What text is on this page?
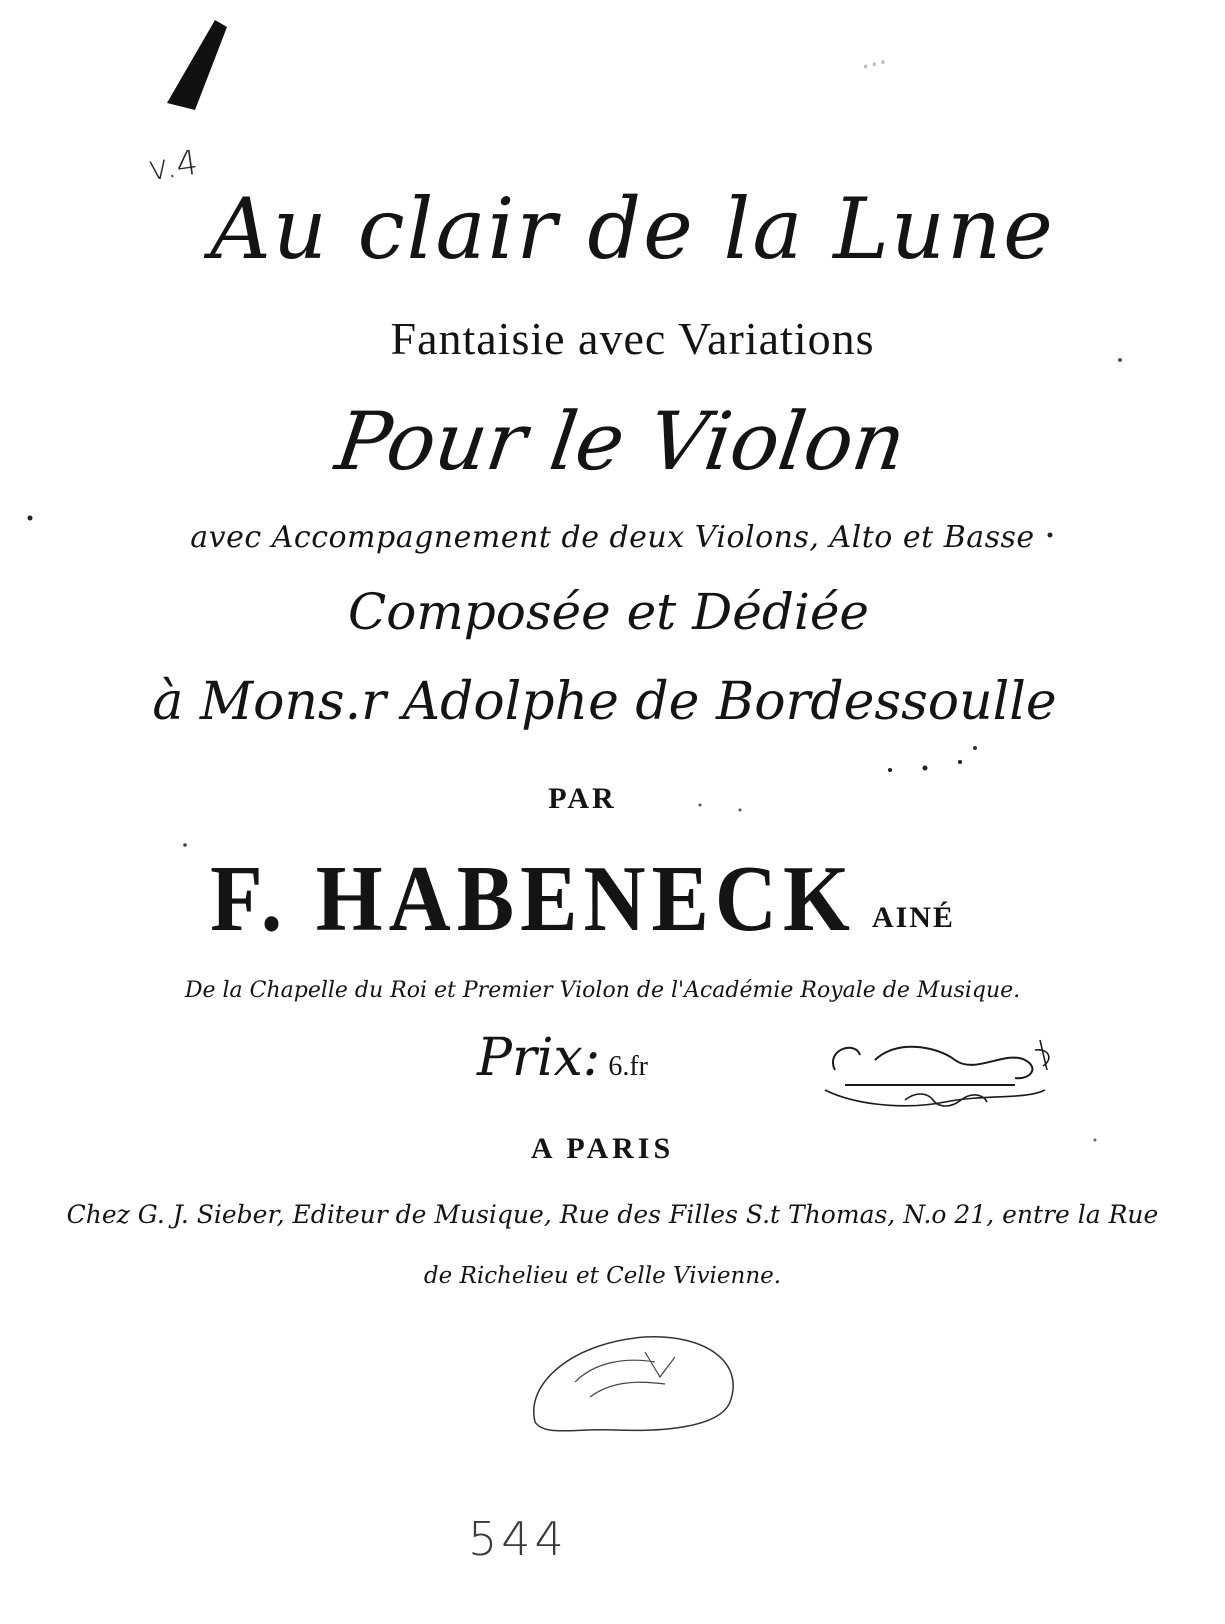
v.4
...
Au clair de la Lune
Fantaisie avec Variations
Pour le Violon
avec Accompagnement de deux Violons, Alto et Basse
Composée et Dédiée
à Mons.r Adolphe de Bordessoulle
PAR
F. HABENECK AINÉ
De la Chapelle du Roi et Premier Violon de l'Académie Royale de Musique.
Prix: 6.fr
A PARIS
Chez G. J. Sieber, Editeur de Musique, Rue des Filles S.t Thomas, N.o 21, entre la Rue
de Richelieu et Celle Vivienne.
544
